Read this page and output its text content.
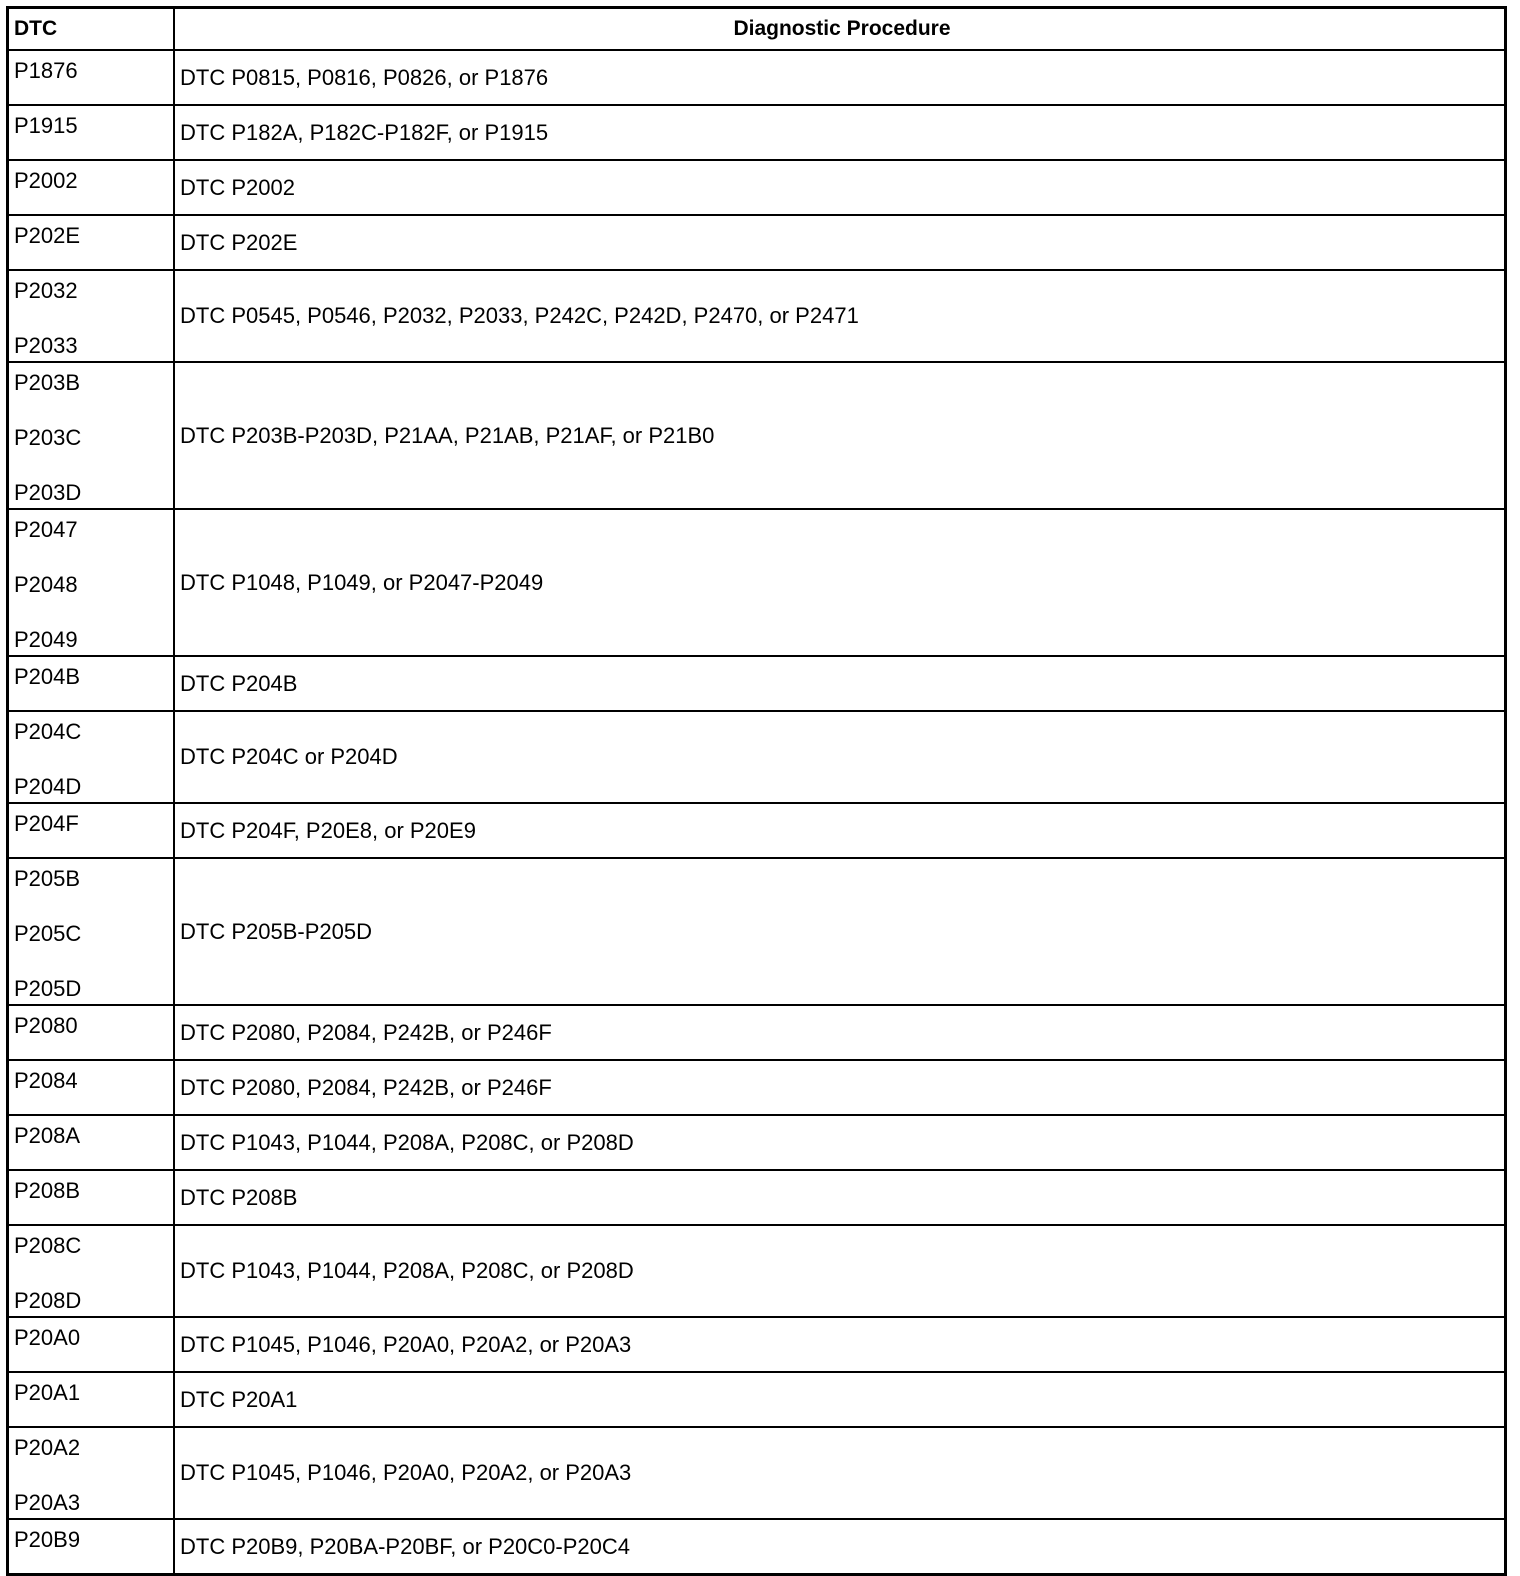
DTC	Diagnostic Procedure

P1876	DTC P0815, P0816, P0826, or P1876

P1915	DTC P182A, P182C-P182F, or P1915

P2002	DTC P2002

P202E	DTC P202E

P2032
P2033	DTC P0545, P0546, P2032, P2033, P242C, P242D, P2470, or P2471

P203B
P203C
P203D	DTC P203B-P203D, P21AA, P21AB, P21AF, or P21B0

P2047
P2048
P2049	DTC P1048, P1049, or P2047-P2049

P204B	DTC P204B

P204C
P204D	DTC P204C or P204D

P204F	DTC P204F, P20E8, or P20E9

P205B
P205C
P205D	DTC P205B-P205D

P2080	DTC P2080, P2084, P242B, or P246F

P2084	DTC P2080, P2084, P242B, or P246F

P208A	DTC P1043, P1044, P208A, P208C, or P208D

P208B	DTC P208B

P208C
P208D	DTC P1043, P1044, P208A, P208C, or P208D

P20A0	DTC P1045, P1046, P20A0, P20A2, or P20A3

P20A1	DTC P20A1

P20A2
P20A3	DTC P1045, P1046, P20A0, P20A2, or P20A3

P20B9	DTC P20B9, P20BA-P20BF, or P20C0-P20C4
